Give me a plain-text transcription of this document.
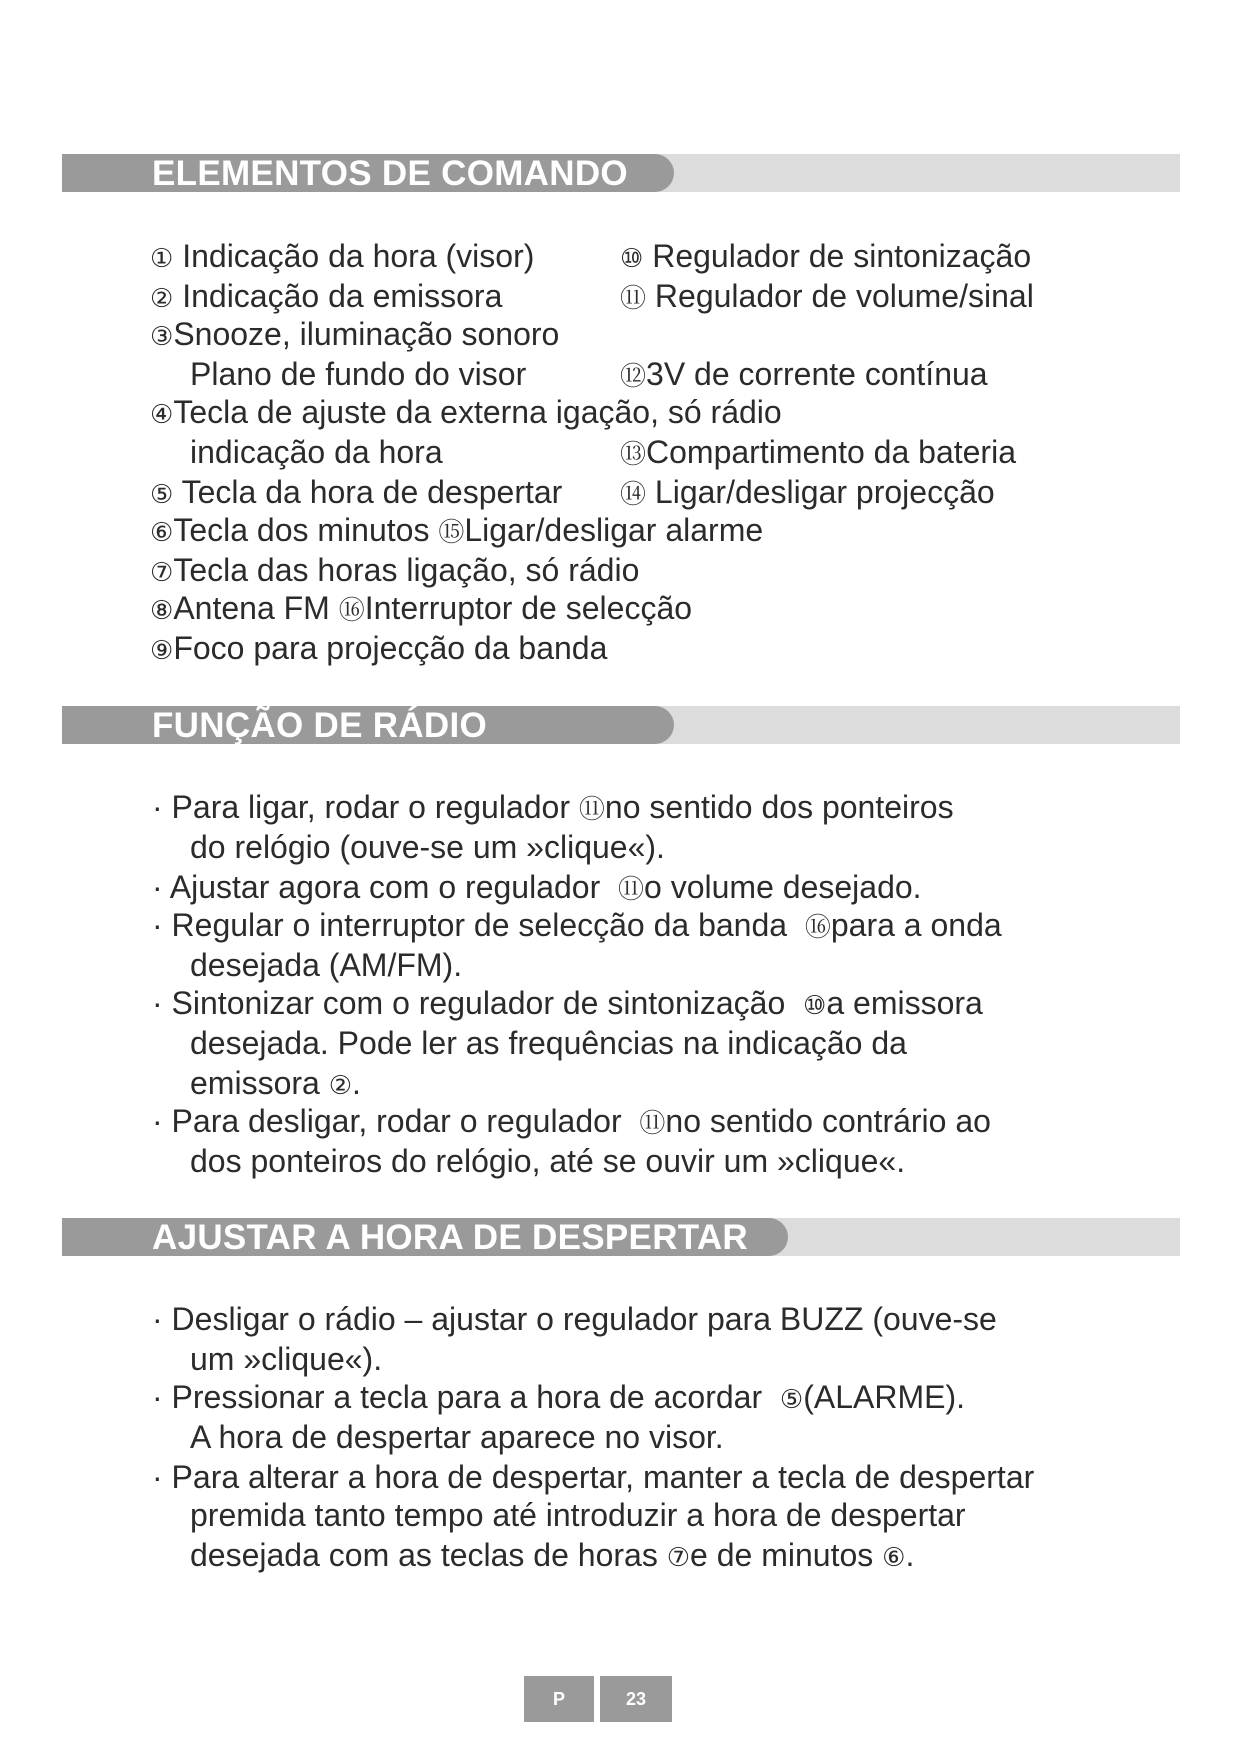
ELEMENTOS DE COMANDO
① Indicação da hora (visor)
② Indicação da emissora
③Snooze, iluminação sonoro
Plano de fundo do visor
④Tecla de ajuste da externa igação, só rádio
indicação da hora
⑤ Tecla da hora de despertar
⑥Tecla dos minutos ⑮Ligar/desligar alarme
⑦Tecla das horas ligação, só rádio
⑧Antena FM ⑯Interruptor de selecção
⑨Foco para projecção da banda
⑩ Regulador de sintonização
⑪ Regulador de volume/sinal
⑫3V de corrente contínua
⑬Compartimento da bateria
⑭ Ligar/desligar projecção
FUNÇÃO DE RÁDIO
· Para ligar, rodar o regulador ⑪no sentido dos ponteiros
do relógio (ouve-se um »clique«).
· Ajustar agora com o regulador ⑪o volume desejado.
· Regular o interruptor de selecção da banda ⑯para a onda
desejada (AM/FM).
· Sintonizar com o regulador de sintonização ⑩a emissora
desejada. Pode ler as frequências na indicação da
emissora ②.
· Para desligar, rodar o regulador ⑪no sentido contrário ao
dos ponteiros do relógio, até se ouvir um »clique«.
AJUSTAR A HORA DE DESPERTAR
· Desligar o rádio – ajustar o regulador para BUZZ (ouve-se
um »clique«).
· Pressionar a tecla para a hora de acordar ⑤(ALARME).
A hora de despertar aparece no visor.
· Para alterar a hora de despertar, manter a tecla de despertar
premida tanto tempo até introduzir a hora de despertar
desejada com as teclas de horas ⑦e de minutos ⑥.
P	23
